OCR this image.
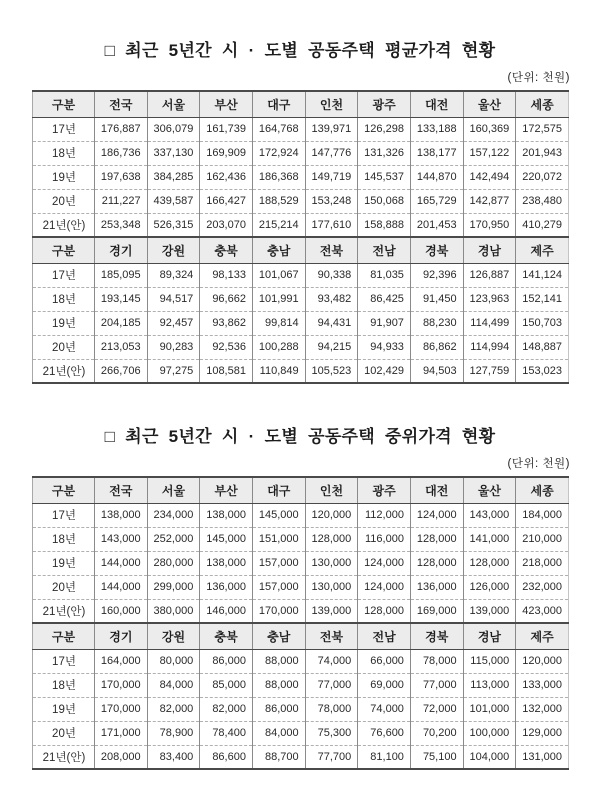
□ 최근 5년간 시 · 도별 공동주택 평균가격 현황
(단위: 천원)
구분	전국	서울	부산	대구	인천	광주	대전	울산	세종
17년	176,887	306,079	161,739	164,768	139,971	126,298	133,188	160,369	172,575
18년	186,736	337,130	169,909	172,924	147,776	131,326	138,177	157,122	201,943
19년	197,638	384,285	162,436	186,368	149,719	145,537	144,870	142,494	220,072
20년	211,227	439,587	166,427	188,529	153,248	150,068	165,729	142,877	238,480
21년(안)	253,348	526,315	203,070	215,214	177,610	158,888	201,453	170,950	410,279
구분	경기	강원	충북	충남	전북	전남	경북	경남	제주
17년	185,095	89,324	98,133	101,067	90,338	81,035	92,396	126,887	141,124
18년	193,145	94,517	96,662	101,991	93,482	86,425	91,450	123,963	152,141
19년	204,185	92,457	93,862	99,814	94,431	91,907	88,230	114,499	150,703
20년	213,053	90,283	92,536	100,288	94,215	94,933	86,862	114,994	148,887
21년(안)	266,706	97,275	108,581	110,849	105,523	102,429	94,503	127,759	153,023
□ 최근 5년간 시 · 도별 공동주택 중위가격 현황
(단위: 천원)
구분	전국	서울	부산	대구	인천	광주	대전	울산	세종
17년	138,000	234,000	138,000	145,000	120,000	112,000	124,000	143,000	184,000
18년	143,000	252,000	145,000	151,000	128,000	116,000	128,000	141,000	210,000
19년	144,000	280,000	138,000	157,000	130,000	124,000	128,000	128,000	218,000
20년	144,000	299,000	136,000	157,000	130,000	124,000	136,000	126,000	232,000
21년(안)	160,000	380,000	146,000	170,000	139,000	128,000	169,000	139,000	423,000
구분	경기	강원	충북	충남	전북	전남	경북	경남	제주
17년	164,000	80,000	86,000	88,000	74,000	66,000	78,000	115,000	120,000
18년	170,000	84,000	85,000	88,000	77,000	69,000	77,000	113,000	133,000
19년	170,000	82,000	82,000	86,000	78,000	74,000	72,000	101,000	132,000
20년	171,000	78,900	78,400	84,000	75,300	76,600	70,200	100,000	129,000
21년(안)	208,000	83,400	86,600	88,700	77,700	81,100	75,100	104,000	131,000
